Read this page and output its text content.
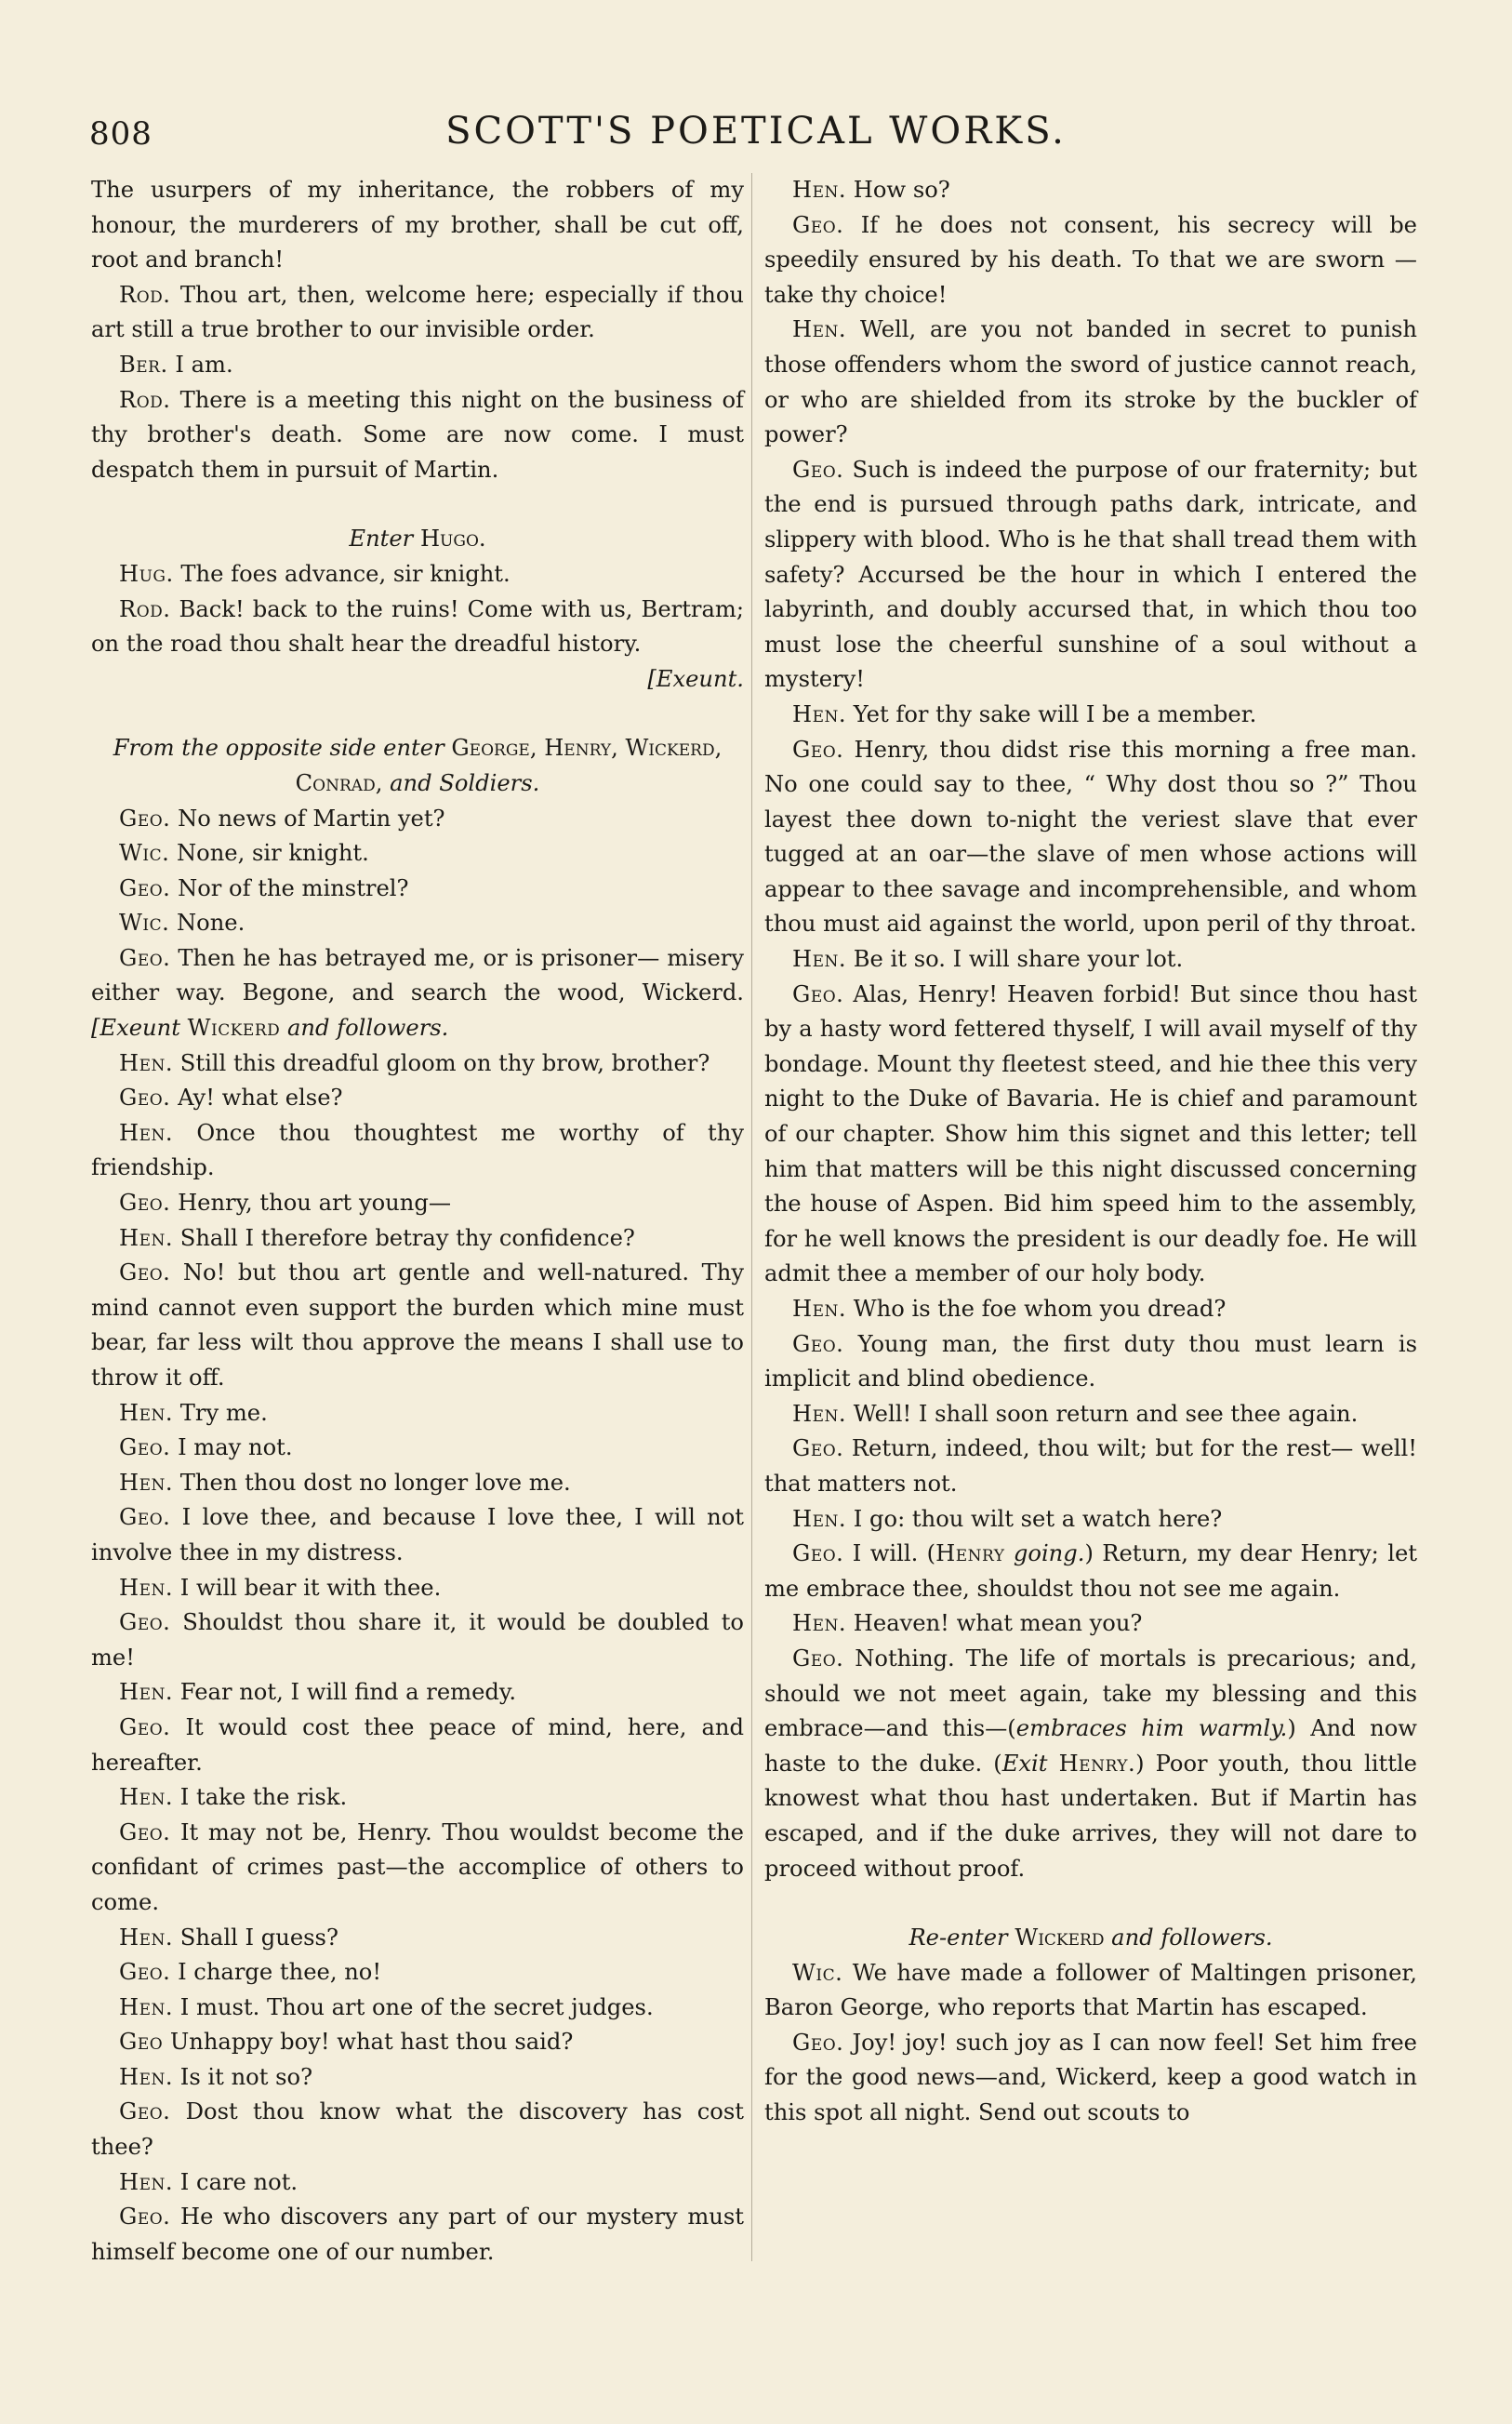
808	SCOTT'S POETICAL WORKS.

The usurpers of my inheritance, the robbers of my honour, the murderers of my brother, shall be cut off, root and branch!

Rod. Thou art, then, welcome here; especially if thou art still a true brother to our invisible order.

Ber. I am.

Rod. There is a meeting this night on the business of thy brother's death. Some are now come. I must despatch them in pursuit of Martin.

Enter Hugo.

Hug. The foes advance, sir knight.

Rod. Back! back to the ruins! Come with us, Bertram; on the road thou shalt hear the dreadful history.

[Exeunt.

From the opposite side enter George, Henry, Wickerd, Conrad, and Soldiers.

Geo. No news of Martin yet?

Wic. None, sir knight.

Geo. Nor of the minstrel?

Wic. None.

Geo. Then he has betrayed me, or is prisoner— misery either way. Begone, and search the wood, Wickerd. [Exeunt Wickerd and followers.

Hen. Still this dreadful gloom on thy brow, brother?

Geo. Ay! what else?

Hen. Once thou thoughtest me worthy of thy friendship.

Geo. Henry, thou art young—

Hen. Shall I therefore betray thy confidence?

Geo. No! but thou art gentle and well-natured. Thy mind cannot even support the burden which mine must bear, far less wilt thou approve the means I shall use to throw it off.

Hen. Try me.

Geo. I may not.

Hen. Then thou dost no longer love me.

Geo. I love thee, and because I love thee, I will not involve thee in my distress.

Hen. I will bear it with thee.

Geo. Shouldst thou share it, it would be doubled to me!

Hen. Fear not, I will find a remedy.

Geo. It would cost thee peace of mind, here, and hereafter.

Hen. I take the risk.

Geo. It may not be, Henry. Thou wouldst become the confidant of crimes past—the accomplice of others to come.

Hen. Shall I guess?

Geo. I charge thee, no!

Hen. I must. Thou art one of the secret judges.

Geo Unhappy boy! what hast thou said?

Hen. Is it not so?

Geo. Dost thou know what the discovery has cost thee?

Hen. I care not.

Geo. He who discovers any part of our mystery must himself become one of our number.

Hen. How so?

Geo. If he does not consent, his secrecy will be speedily ensured by his death. To that we are sworn —take thy choice!

Hen. Well, are you not banded in secret to punish those offenders whom the sword of justice cannot reach, or who are shielded from its stroke by the buckler of power?

Geo. Such is indeed the purpose of our fraternity; but the end is pursued through paths dark, intricate, and slippery with blood. Who is he that shall tread them with safety? Accursed be the hour in which I entered the labyrinth, and doubly accursed that, in which thou too must lose the cheerful sunshine of a soul without a mystery!

Hen. Yet for thy sake will I be a member.

Geo. Henry, thou didst rise this morning a free man. No one could say to thee, “ Why dost thou so ?” Thou layest thee down to-night the veriest slave that ever tugged at an oar—the slave of men whose actions will appear to thee savage and incomprehensible, and whom thou must aid against the world, upon peril of thy throat.

Hen. Be it so. I will share your lot.

Geo. Alas, Henry! Heaven forbid! But since thou hast by a hasty word fettered thyself, I will avail myself of thy bondage. Mount thy fleetest steed, and hie thee this very night to the Duke of Bavaria. He is chief and paramount of our chapter. Show him this signet and this letter; tell him that matters will be this night discussed concerning the house of Aspen. Bid him speed him to the assembly, for he well knows the president is our deadly foe. He will admit thee a member of our holy body.

Hen. Who is the foe whom you dread?

Geo. Young man, the first duty thou must learn is implicit and blind obedience.

Hen. Well! I shall soon return and see thee again.

Geo. Return, indeed, thou wilt; but for the rest— well! that matters not.

Hen. I go: thou wilt set a watch here?

Geo. I will. (Henry going.) Return, my dear Henry; let me embrace thee, shouldst thou not see me again.

Hen. Heaven! what mean you?

Geo. Nothing. The life of mortals is precarious; and, should we not meet again, take my blessing and this embrace—and this—(embraces him warmly.) And now haste to the duke. (Exit Henry.) Poor youth, thou little knowest what thou hast undertaken. But if Martin has escaped, and if the duke arrives, they will not dare to proceed without proof.

Re-enter Wickerd and followers.

Wic. We have made a follower of Maltingen prisoner, Baron George, who reports that Martin has escaped.

Geo. Joy! joy! such joy as I can now feel! Set him free for the good news—and, Wickerd, keep a good watch in this spot all night. Send out scouts to
